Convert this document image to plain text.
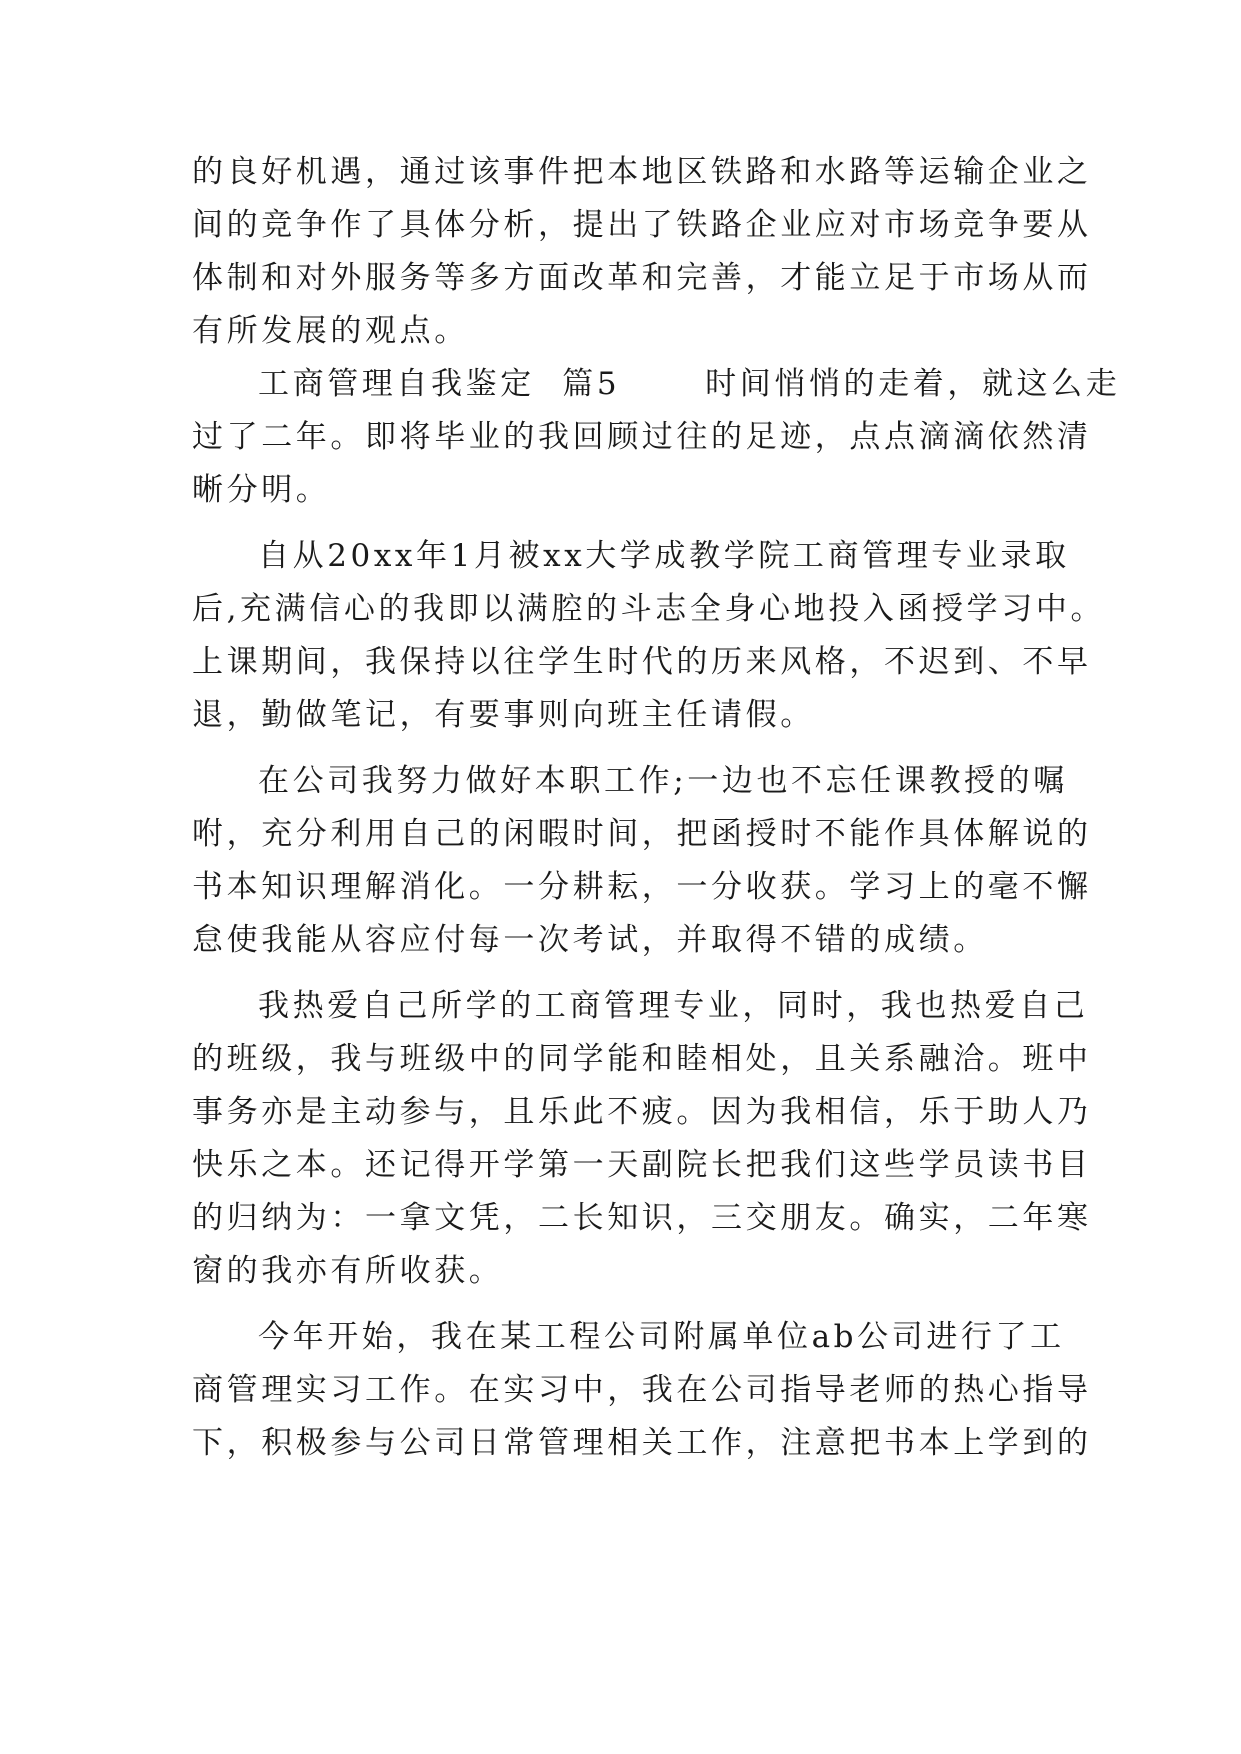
的良好机遇，通过该事件把本地区铁路和水路等运输企业之
间的竞争作了具体分析，提出了铁路企业应对市场竞争要从
体制和对外服务等多方面改革和完善，才能立足于市场从而
有所发展的观点。
工商管理自我鉴定 篇5	时间悄悄的走着，就这么走
过了二年。即将毕业的我回顾过往的足迹，点点滴滴依然清
晰分明。
自从20xx年1月被xx大学成教学院工商管理专业录取
后,充满信心的我即以满腔的斗志全身心地投入函授学习中。
上课期间，我保持以往学生时代的历来风格，不迟到、不早
退，勤做笔记，有要事则向班主任请假。
在公司我努力做好本职工作;一边也不忘任课教授的嘱
咐，充分利用自己的闲暇时间，把函授时不能作具体解说的
书本知识理解消化。一分耕耘，一分收获。学习上的毫不懈
怠使我能从容应付每一次考试，并取得不错的成绩。
我热爱自己所学的工商管理专业，同时，我也热爱自己
的班级，我与班级中的同学能和睦相处，且关系融洽。班中
事务亦是主动参与，且乐此不疲。因为我相信，乐于助人乃
快乐之本。还记得开学第一天副院长把我们这些学员读书目
的归纳为：一拿文凭，二长知识，三交朋友。确实，二年寒
窗的我亦有所收获。
今年开始，我在某工程公司附属单位ab公司进行了工
商管理实习工作。在实习中，我在公司指导老师的热心指导
下，积极参与公司日常管理相关工作，注意把书本上学到的
